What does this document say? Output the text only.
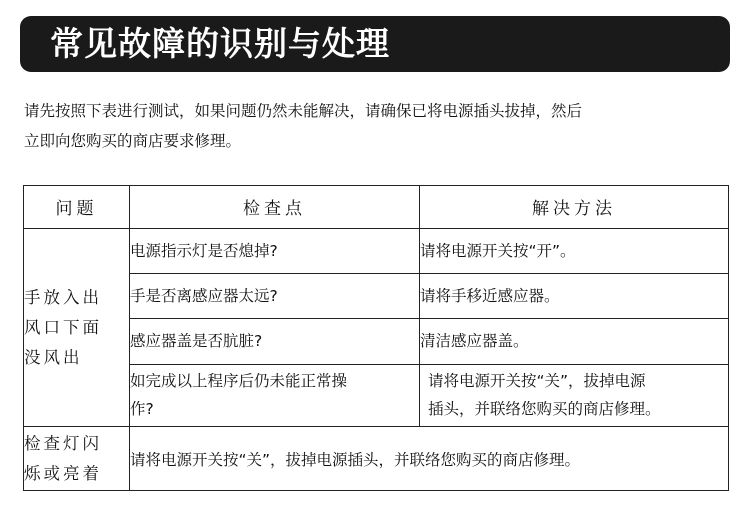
常见故障的识别与处理
请先按照下表进行测试，如果问题仍然未能解决，请确保已将电源插头拔掉，然后
立即向您购买的商店要求修理。
问题	检查点	解决方法

手放入出
风口下面
没风出	电源指示灯是否熄掉?	请将电源开关按“开”。
	手是否离感应器太远?	请将手移近感应器。
	感应器盖是否肮脏?	清洁感应器盖。

	如完成以上程序后仍未能正常操
作?	请将电源开关按“关”，拔掉电源
插头，并联络您购买的商店修理。

检查灯闪
烁或亮着	请将电源开关按“关”，拔掉电源插头，并联络您购买的商店修理。	
